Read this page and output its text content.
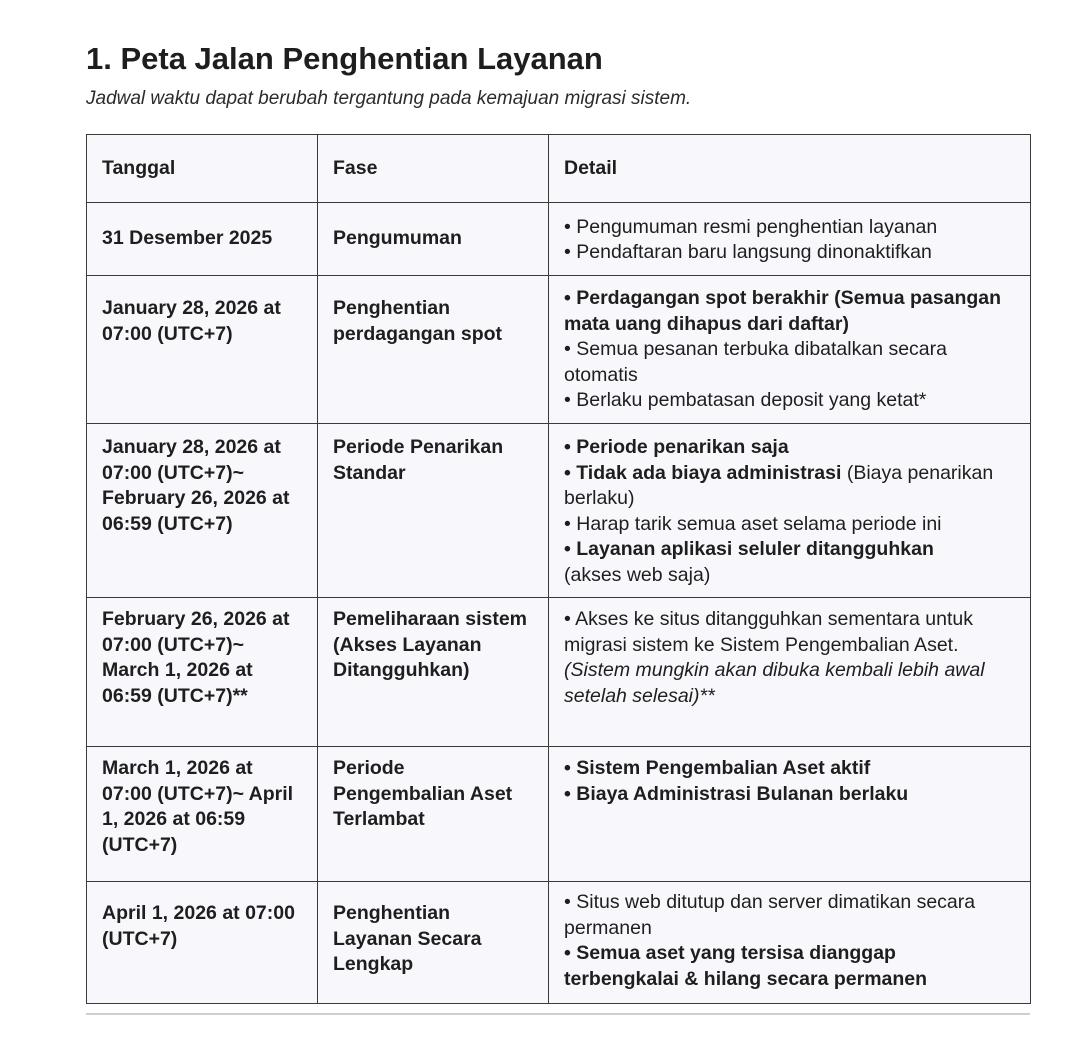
1. Peta Jalan Penghentian Layanan

Jadwal waktu dapat berubah tergantung pada kemajuan migrasi sistem.

Tanggal	Fase	Detail
31 Desember 2025	Pengumuman	• Pengumuman resmi penghentian layanan
• Pendaftaran baru langsung dinonaktifkan

January 28, 2026 at 07:00 (UTC+7)	Penghentian perdagangan spot	• Perdagangan spot berakhir (Semua pasangan mata uang dihapus dari daftar)
• Semua pesanan terbuka dibatalkan secara otomatis
• Berlaku pembatasan deposit yang ketat*

January 28, 2026 at 07:00 (UTC+7)~ February 26, 2026 at 06:59 (UTC+7)	Periode Penarikan Standar	• Periode penarikan saja
• Tidak ada biaya administrasi (Biaya penarikan berlaku)
• Harap tarik semua aset selama periode ini
• Layanan aplikasi seluler ditangguhkan
(akses web saja)

February 26, 2026 at 07:00 (UTC+7)~ March 1, 2026 at 06:59 (UTC+7)**	Pemeliharaan sistem (Akses Layanan Ditangguhkan)	• Akses ke situs ditangguhkan sementara untuk migrasi sistem ke Sistem Pengembalian Aset.
(Sistem mungkin akan dibuka kembali lebih awal setelah selesai)**

March 1, 2026 at 07:00 (UTC+7)~ April 1, 2026 at 06:59 (UTC+7)	Periode Pengembalian Aset Terlambat	• Sistem Pengembalian Aset aktif
• Biaya Administrasi Bulanan berlaku

April 1, 2026 at 07:00 (UTC+7)	Penghentian Layanan Secara Lengkap	• Situs web ditutup dan server dimatikan secara permanen
• Semua aset yang tersisa dianggap terbengkalai & hilang secara permanen
